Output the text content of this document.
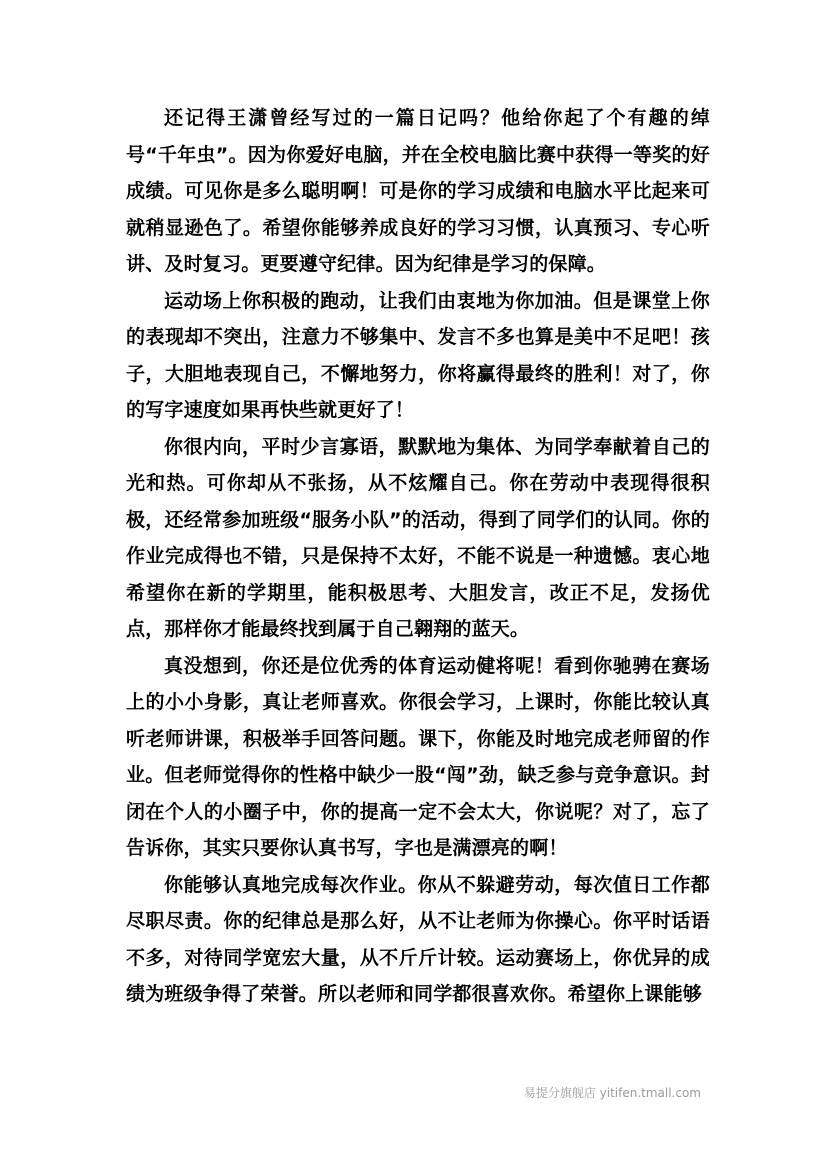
还记得王潇曾经写过的一篇日记吗？他给你起了个有趣的绰号“千年虫”。因为你爱好电脑，并在全校电脑比赛中获得一等奖的好成绩。可见你是多么聪明啊！可是你的学习成绩和电脑水平比起来可就稍显逊色了。希望你能够养成良好的学习习惯，认真预习、专心听讲、及时复习。更要遵守纪律。因为纪律是学习的保障。

运动场上你积极的跑动，让我们由衷地为你加油。但是课堂上你的表现却不突出，注意力不够集中、发言不多也算是美中不足吧！孩子，大胆地表现自己，不懈地努力，你将赢得最终的胜利！对了，你的写字速度如果再快些就更好了！

你很内向，平时少言寡语，默默地为集体、为同学奉献着自己的光和热。可你却从不张扬，从不炫耀自己。你在劳动中表现得很积极，还经常参加班级“服务小队”的活动，得到了同学们的认同。你的作业完成得也不错，只是保持不太好，不能不说是一种遗憾。衷心地希望你在新的学期里，能积极思考、大胆发言，改正不足，发扬优点，那样你才能最终找到属于自己翱翔的蓝天。

真没想到，你还是位优秀的体育运动健将呢！看到你驰骋在赛场上的小小身影，真让老师喜欢。你很会学习，上课时，你能比较认真听老师讲课，积极举手回答问题。课下，你能及时地完成老师留的作业。但老师觉得你的性格中缺少一股“闯”劲，缺乏参与竞争意识。封闭在个人的小圈子中，你的提高一定不会太大，你说呢？对了，忘了告诉你，其实只要你认真书写，字也是满漂亮的啊！

你能够认真地完成每次作业。你从不躲避劳动，每次值日工作都尽职尽责。你的纪律总是那么好，从不让老师为你操心。你平时话语不多，对待同学宽宏大量，从不斤斤计较。运动赛场上，你优异的成绩为班级争得了荣誉。所以老师和同学都很喜欢你。希望你上课能够

易提分旗舰店 yitifen.tmall.com
